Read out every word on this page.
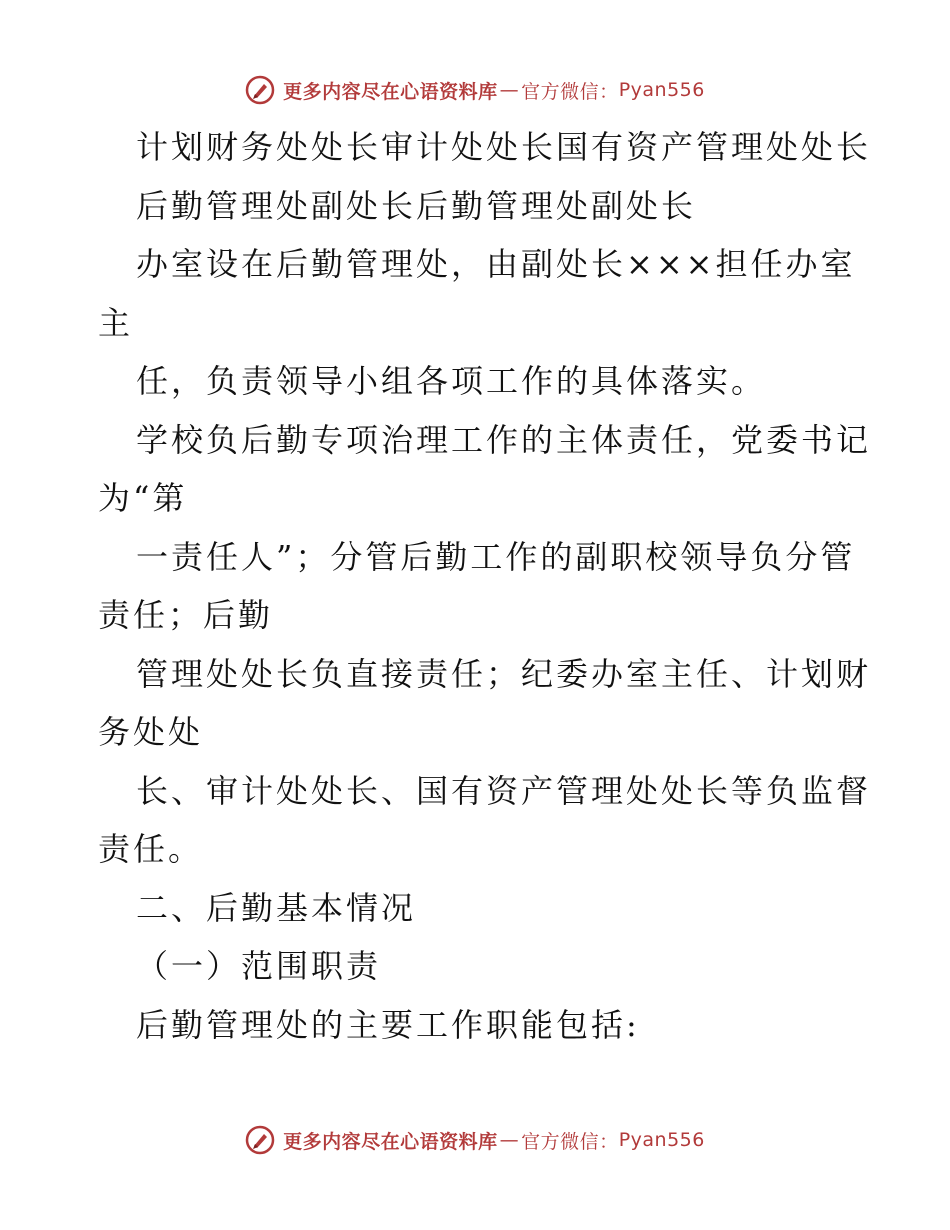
更多内容尽在心语资料库 — 官方微信： Pyan556
计划财务处处长审计处处长国有资产管理处处长
后勤管理处副处长后勤管理处副处长
办室设在后勤管理处，由副处长×××担任办室
主
任，负责领导小组各项工作的具体落实。
学校负后勤专项治理工作的主体责任，党委书记
为“第
一责任人”；分管后勤工作的副职校领导负分管
责任；后勤
管理处处长负直接责任；纪委办室主任、计划财
务处处
长、审计处处长、国有资产管理处处长等负监督
责任。
二、后勤基本情况
（一）范围职责
后勤管理处的主要工作职能包括:
更多内容尽在心语资料库 — 官方微信： Pyan556
